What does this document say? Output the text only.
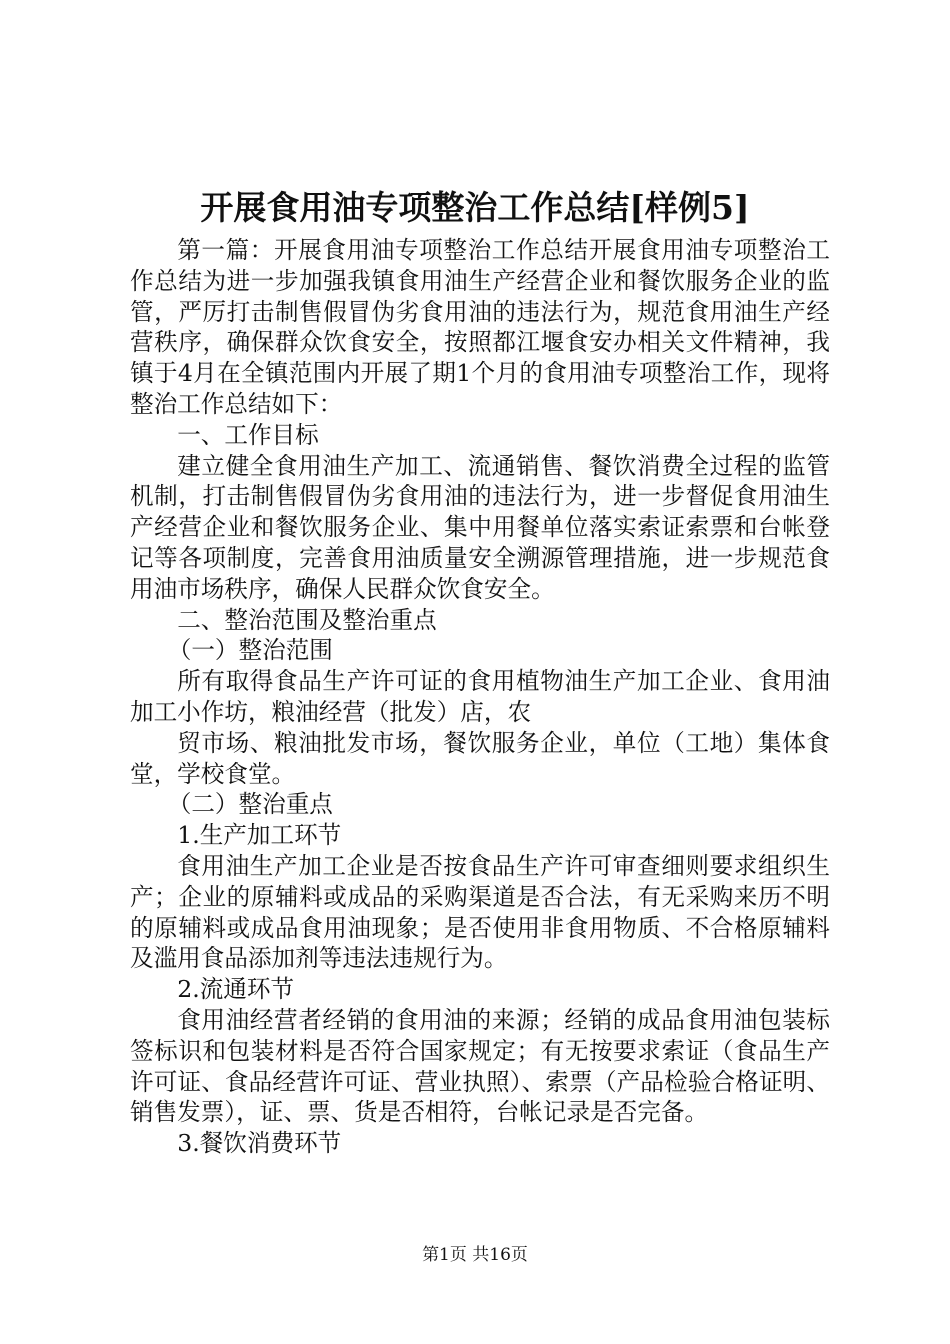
开展食用油专项整治工作总结[样例5]

第一篇：开展食用油专项整治工作总结开展食用油专项整治工作总结为进一步加强我镇食用油生产经营企业和餐饮服务企业的监管，严厉打击制售假冒伪劣食用油的违法行为，规范食用油生产经营秩序，确保群众饮食安全，按照都江堰食安办相关文件精神，我镇于4月在全镇范围内开展了期1个月的食用油专项整治工作，现将整治工作总结如下：

一、工作目标

建立健全食用油生产加工、流通销售、餐饮消费全过程的监管机制，打击制售假冒伪劣食用油的违法行为，进一步督促食用油生产经营企业和餐饮服务企业、集中用餐单位落实索证索票和台帐登记等各项制度，完善食用油质量安全溯源管理措施，进一步规范食用油市场秩序，确保人民群众饮食安全。

二、整治范围及整治重点

（一）整治范围

所有取得食品生产许可证的食用植物油生产加工企业、食用油加工小作坊，粮油经营（批发）店，农

贸市场、粮油批发市场，餐饮服务企业，单位（工地）集体食堂，学校食堂。

（二）整治重点

1.生产加工环节

食用油生产加工企业是否按食品生产许可审查细则要求组织生产；企业的原辅料或成品的采购渠道是否合法，有无采购来历不明的原辅料或成品食用油现象；是否使用非食用物质、不合格原辅料及滥用食品添加剂等违法违规行为。

2.流通环节

食用油经营者经销的食用油的来源；经销的成品食用油包装标签标识和包装材料是否符合国家规定；有无按要求索证（食品生产许可证、食品经营许可证、营业执照）、索票（产品检验合格证明、销售发票），证、票、货是否相符，台帐记录是否完备。

3.餐饮消费环节

第1页 共16页
